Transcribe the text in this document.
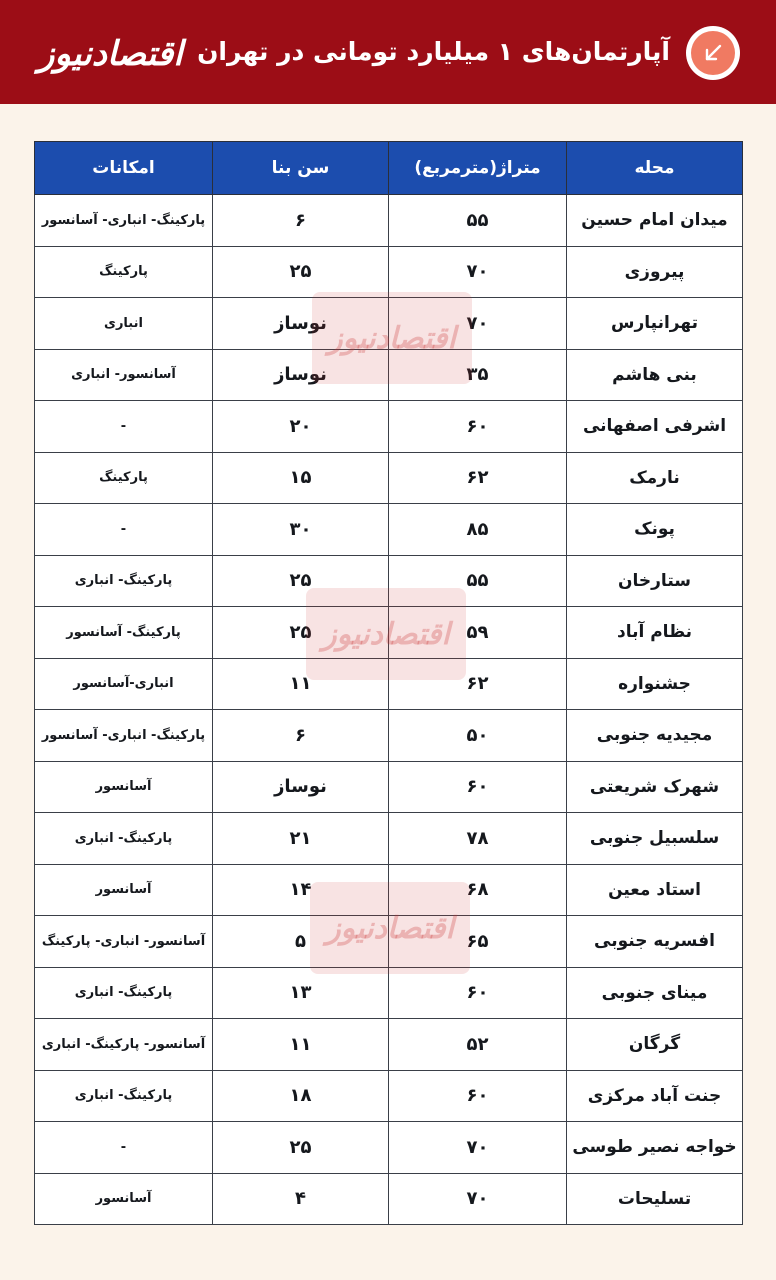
آپارتمان‌های ۱ میلیارد تومانی در تهران
اقتصادنیوز
محله	متراژ(مترمربع)	سن بنا	امکانات
میدان امام حسین	۵۵	۶	پارکینگ- انباری- آسانسور
پیروزی	۷۰	۲۵	پارکینگ
تهرانپارس	۷۰	نوساز	انباری
بنی هاشم	۳۵	نوساز	آسانسور- انباری
اشرفی اصفهانی	۶۰	۲۰	-
نارمک	۶۲	۱۵	پارکینگ
پونک	۸۵	۳۰	-
ستارخان	۵۵	۲۵	پارکینگ- انباری
نظام آباد	۵۹	۲۵	پارکینگ- آسانسور
جشنواره	۶۲	۱۱	انباری-آسانسور
مجیدیه جنوبی	۵۰	۶	پارکینگ- انباری- آسانسور
شهرک شریعتی	۶۰	نوساز	آسانسور
سلسبیل جنوبی	۷۸	۲۱	پارکینگ- انباری
استاد معین	۶۸	۱۴	آسانسور
افسریه جنوبی	۶۵	۵	آسانسور- انباری- پارکینگ
مینای جنوبی	۶۰	۱۳	پارکینگ- انباری
گرگان	۵۲	۱۱	آسانسور- پارکینگ- انباری
جنت آباد مرکزی	۶۰	۱۸	پارکینگ- انباری
خواجه نصیر طوسی	۷۰	۲۵	-
تسلیحات	۷۰	۴	آسانسور
اقتصادنیوز
اقتصادنیوز
اقتصادنیوز
